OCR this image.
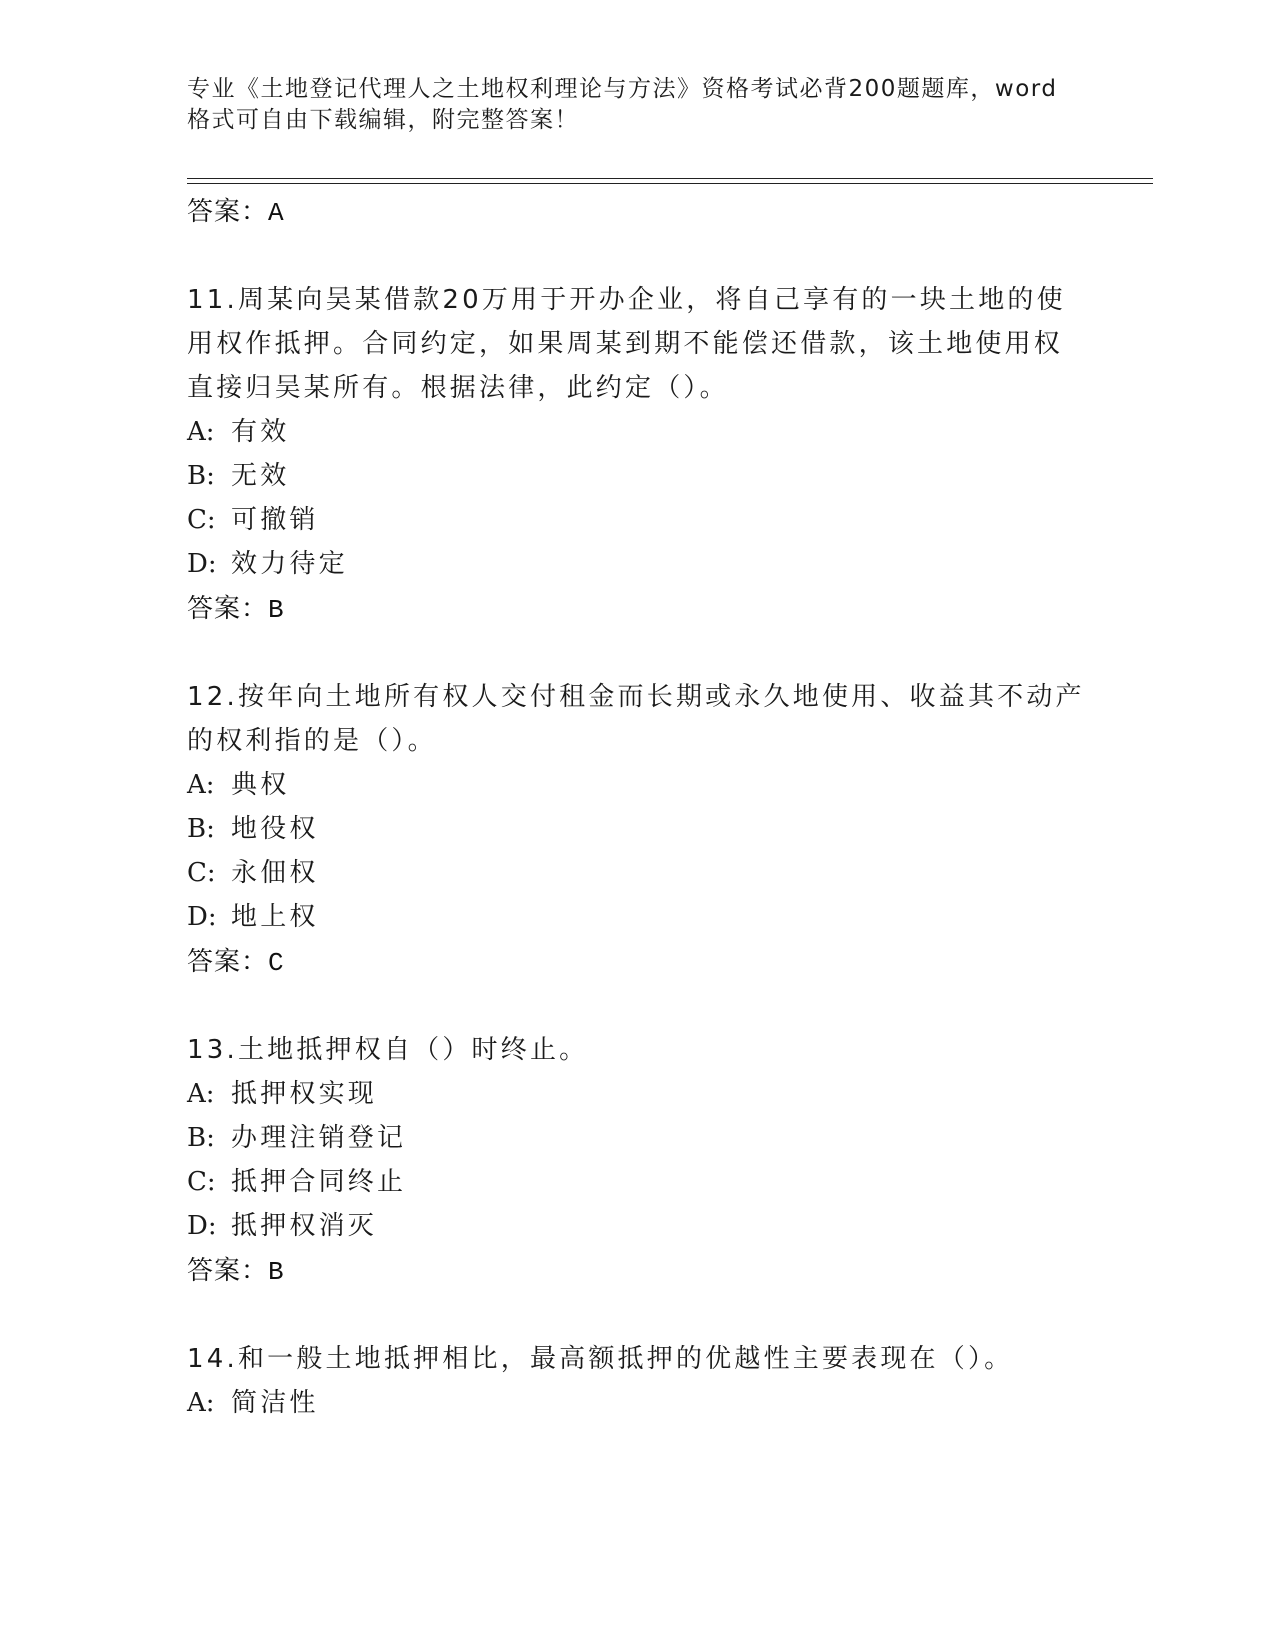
专业《土地登记代理人之土地权利理论与方法》资格考试必背200题题库，word
格式可自由下载编辑，附完整答案！
答案：A
11.周某向吴某借款20万用于开办企业，将自己享有的一块土地的使
用权作抵押。合同约定，如果周某到期不能偿还借款，该土地使用权
直接归吴某所有。根据法律，此约定（）。
A: 有效
B: 无效
C: 可撤销
D: 效力待定
答案：B
12.按年向土地所有权人交付租金而长期或永久地使用、收益其不动产
的权利指的是（）。
A: 典权
B: 地役权
C: 永佃权
D: 地上权
答案：C
13.土地抵押权自（）时终止。
A: 抵押权实现
B: 办理注销登记
C: 抵押合同终止
D: 抵押权消灭
答案：B
14.和一般土地抵押相比，最高额抵押的优越性主要表现在（）。
A: 简洁性
